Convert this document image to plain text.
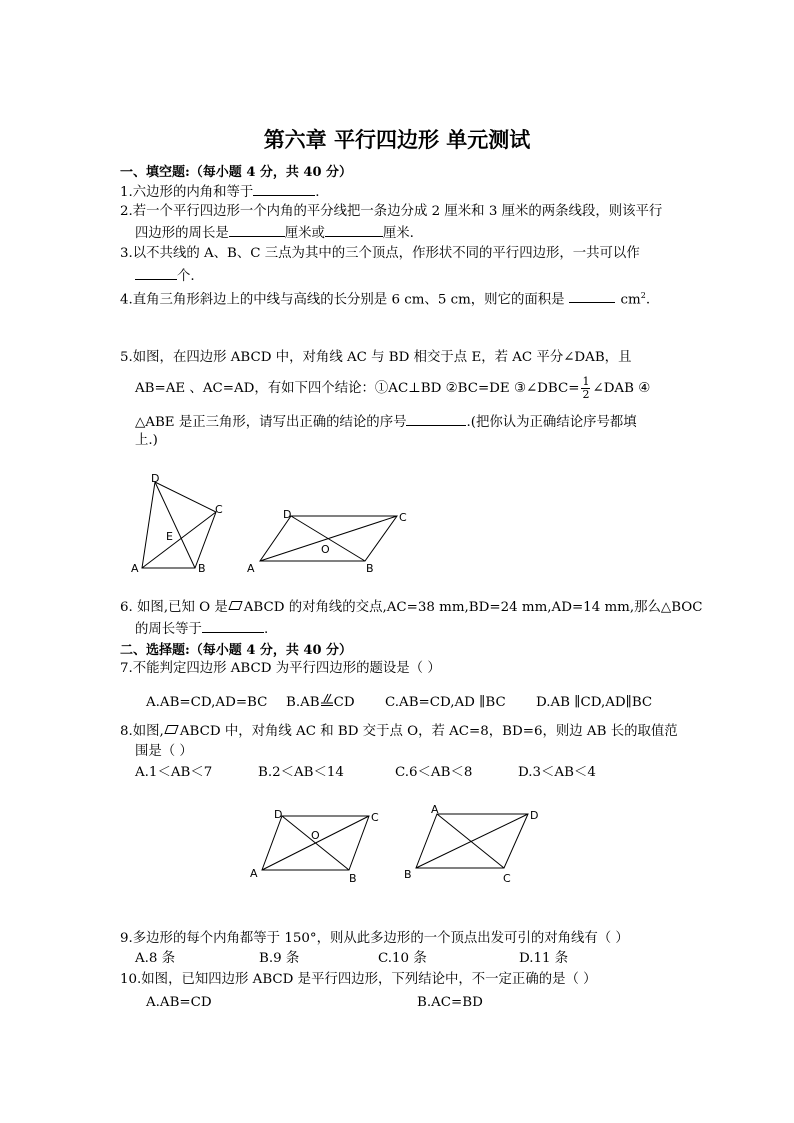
第六章 平行四边形 单元测试
一、填空题:（每小题 4 分，共 40 分）
1.六边形的内角和等于	.
2.若一个平行四边形一个内角的平分线把一条边分成 2 厘米和 3 厘米的两条线段，则该平行
四边形的周长是	厘米或	厘米.
3.以不共线的 A、B、C 三点为其中的三个顶点，作形状不同的平行四边形，一共可以作
个.
4.直角三角形斜边上的中线与高线的长分别是 6 cm、5 cm，则它的面积是	$cm^2$.
5.如图，在四边形 ABCD 中，对角线 AC 与 BD 相交于点 E，若 AC 平分∠DAB，且
AB=AE 、AC=AD，有如下四个结论：①AC⊥BD ②BC=DE ③∠DBC= $\frac{1}{2}$ ∠DAB ④
△ABE 是正三角形，请写出正确的结论的序号	.(把你认为正确结论序号都填
上.)
A	B
C
D
E
A	B
C
D
O
6. 如图,已知 O 是 ABCD 的对角线的交点,AC=38 mm,BD=24 mm,AD=14 mm,那么△BOC
的周长等于	.
二、选择题:（每小题 4 分，共 40 分）
7.不能判定四边形 ABCD 为平行四边形的题设是（ ）
A.AB=CD,AD=BC B.AB CD C.AB=CD,AD ∥BC D.AB ∥CD,AD∥BC
8.如图, ABCD 中，对角线 AC 和 BD 交于点 O，若 AC=8，BD=6，则边 AB 长的取值范
围是（ ）
A.1＜AB＜7	B.2＜AB＜14	C.6＜AB＜8	D.3＜AB＜4
A	B
C
D
O
A	D
B	C
9.多边形的每个内角都等于 150°，则从此多边形的一个顶点出发可引的对角线有（ ）
A.8 条	B.9 条	C.10 条	D.11 条
10.如图，已知四边形 ABCD 是平行四边形，下列结论中，不一定正确的是（ ）
A.AB=CD	B.AC=BD
